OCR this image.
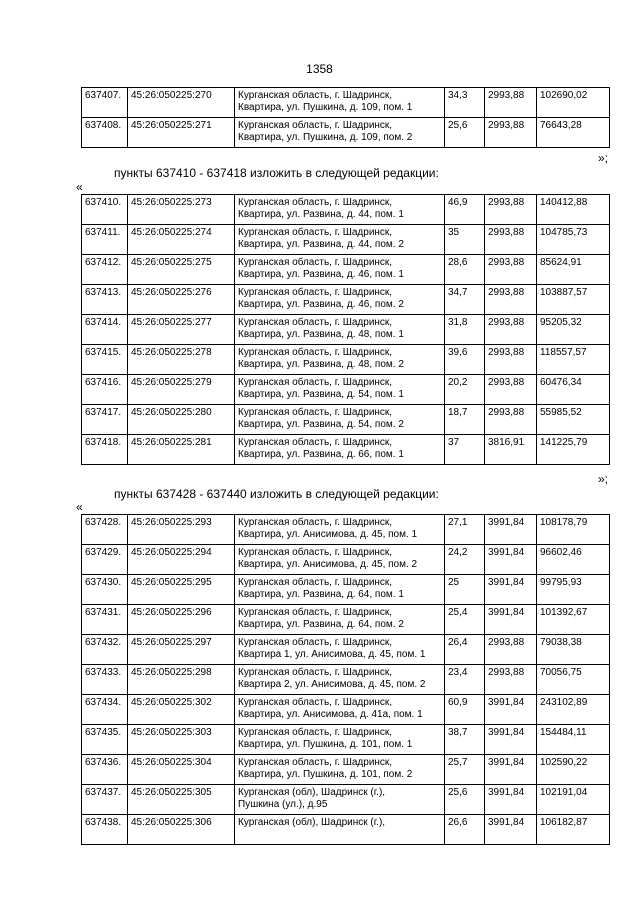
1358
637407.	45:26:050225:270	Курганская область, г. Шадринск,
Квартира, ул. Пушкина, д. 109, пом. 1	34,3	2993,88	102690,02
637408.	45:26:050225:271	Курганская область, г. Шадринск,
Квартира, ул. Пушкина, д. 109, пом. 2	25,6	2993,88	76643,28
»;
пункты 637410 - 637418 изложить в следующей редакции:
«
637410.	45:26:050225:273	Курганская область, г. Шадринск,
Квартира, ул. Развина, д. 44, пом. 1	46,9	2993,88	140412,88
637411.	45:26:050225:274	Курганская область, г. Шадринск,
Квартира, ул. Развина, д. 44, пом. 2	35	2993,88	104785,73
637412.	45:26:050225:275	Курганская область, г. Шадринск,
Квартира, ул. Развина, д. 46, пом. 1	28,6	2993,88	85624,91
637413.	45:26:050225:276	Курганская область, г. Шадринск,
Квартира, ул. Развина, д. 46, пом. 2	34,7	2993,88	103887,57
637414.	45:26:050225:277	Курганская область, г. Шадринск,
Квартира, ул. Развина, д. 48, пом. 1	31,8	2993,88	95205,32
637415.	45:26:050225:278	Курганская область, г. Шадринск,
Квартира, ул. Развина, д. 48, пом. 2	39,6	2993,88	118557,57
637416.	45:26:050225:279	Курганская область, г. Шадринск,
Квартира, ул. Развина, д. 54, пом. 1	20,2	2993,88	60476,34
637417.	45:26:050225:280	Курганская область, г. Шадринск,
Квартира, ул. Развина, д. 54, пом. 2	18,7	2993,88	55985,52
637418.	45:26:050225:281	Курганская область, г. Шадринск,
Квартира, ул. Развина, д. 66, пом. 1	37	3816,91	141225,79
»;
пункты 637428 - 637440 изложить в следующей редакции:
«
637428.	45:26:050225:293	Курганская область, г. Шадринск,
Квартира, ул. Анисимова, д. 45, пом. 1	27,1	3991,84	108178,79
637429.	45:26:050225:294	Курганская область, г. Шадринск,
Квартира, ул. Анисимова, д. 45, пом. 2	24,2	3991,84	96602,46
637430.	45:26:050225:295	Курганская область, г. Шадринск,
Квартира, ул. Развина, д. 64, пом. 1	25	3991,84	99795,93
637431.	45:26:050225:296	Курганская область, г. Шадринск,
Квартира, ул. Развина, д. 64, пом. 2	25,4	3991,84	101392,67
637432.	45:26:050225:297	Курганская область, г. Шадринск,
Квартира 1, ул. Анисимова, д. 45, пом. 1	26,4	2993,88	79038,38
637433.	45:26:050225:298	Курганская область, г. Шадринск,
Квартира 2, ул. Анисимова, д. 45, пом. 2	23,4	2993,88	70056,75
637434.	45:26:050225:302	Курганская область, г. Шадринск,
Квартира, ул. Анисимова, д. 41а, пом. 1	60,9	3991,84	243102,89
637435.	45:26:050225:303	Курганская область, г. Шадринск,
Квартира, ул. Пушкина, д. 101, пом. 1	38,7	3991,84	154484,11
637436.	45:26:050225:304	Курганская область, г. Шадринск,
Квартира, ул. Пушкина, д. 101, пом. 2	25,7	3991,84	102590,22
637437.	45:26:050225:305	Курганская (обл), Шадринск (г.),
Пушкина (ул.), д.95	25,6	3991,84	102191,04
637438.	45:26:050225:306	Курганская (обл), Шадринск (г.),	26,6	3991,84	106182,87
